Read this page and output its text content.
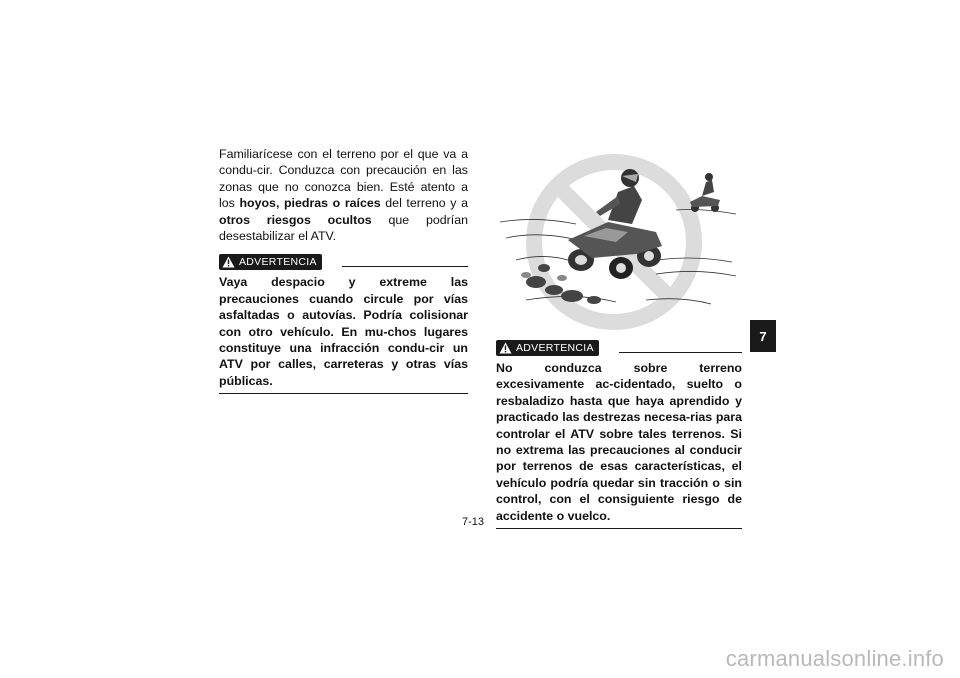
Familiarícese con el terreno por el que va a condu-cir. Conduzca con precaución en las zonas que no conozca bien. Esté atento a los hoyos, piedras o raíces del terreno y a otros riesgos ocultos que podrían desestabilizar el ATV.

ADVERTENCIA

Vaya despacio y extreme las precauciones cuando circule por vías asfaltadas o autovías. Podría colisionar con otro vehículo. En mu-chos lugares constituye una infracción condu-cir un ATV por calles, carreteras y otras vías públicas.

ADVERTENCIA

No conduzca sobre terreno excesivamente ac-cidentado, suelto o resbaladizo hasta que haya aprendido y practicado las destrezas necesa-rias para controlar el ATV sobre tales terrenos. Si no extrema las precauciones al conducir por terrenos de esas características, el vehículo podría quedar sin tracción o sin control, con el consiguiente riesgo de accidente o vuelco.

7
7-13
carmanualsonline.info
